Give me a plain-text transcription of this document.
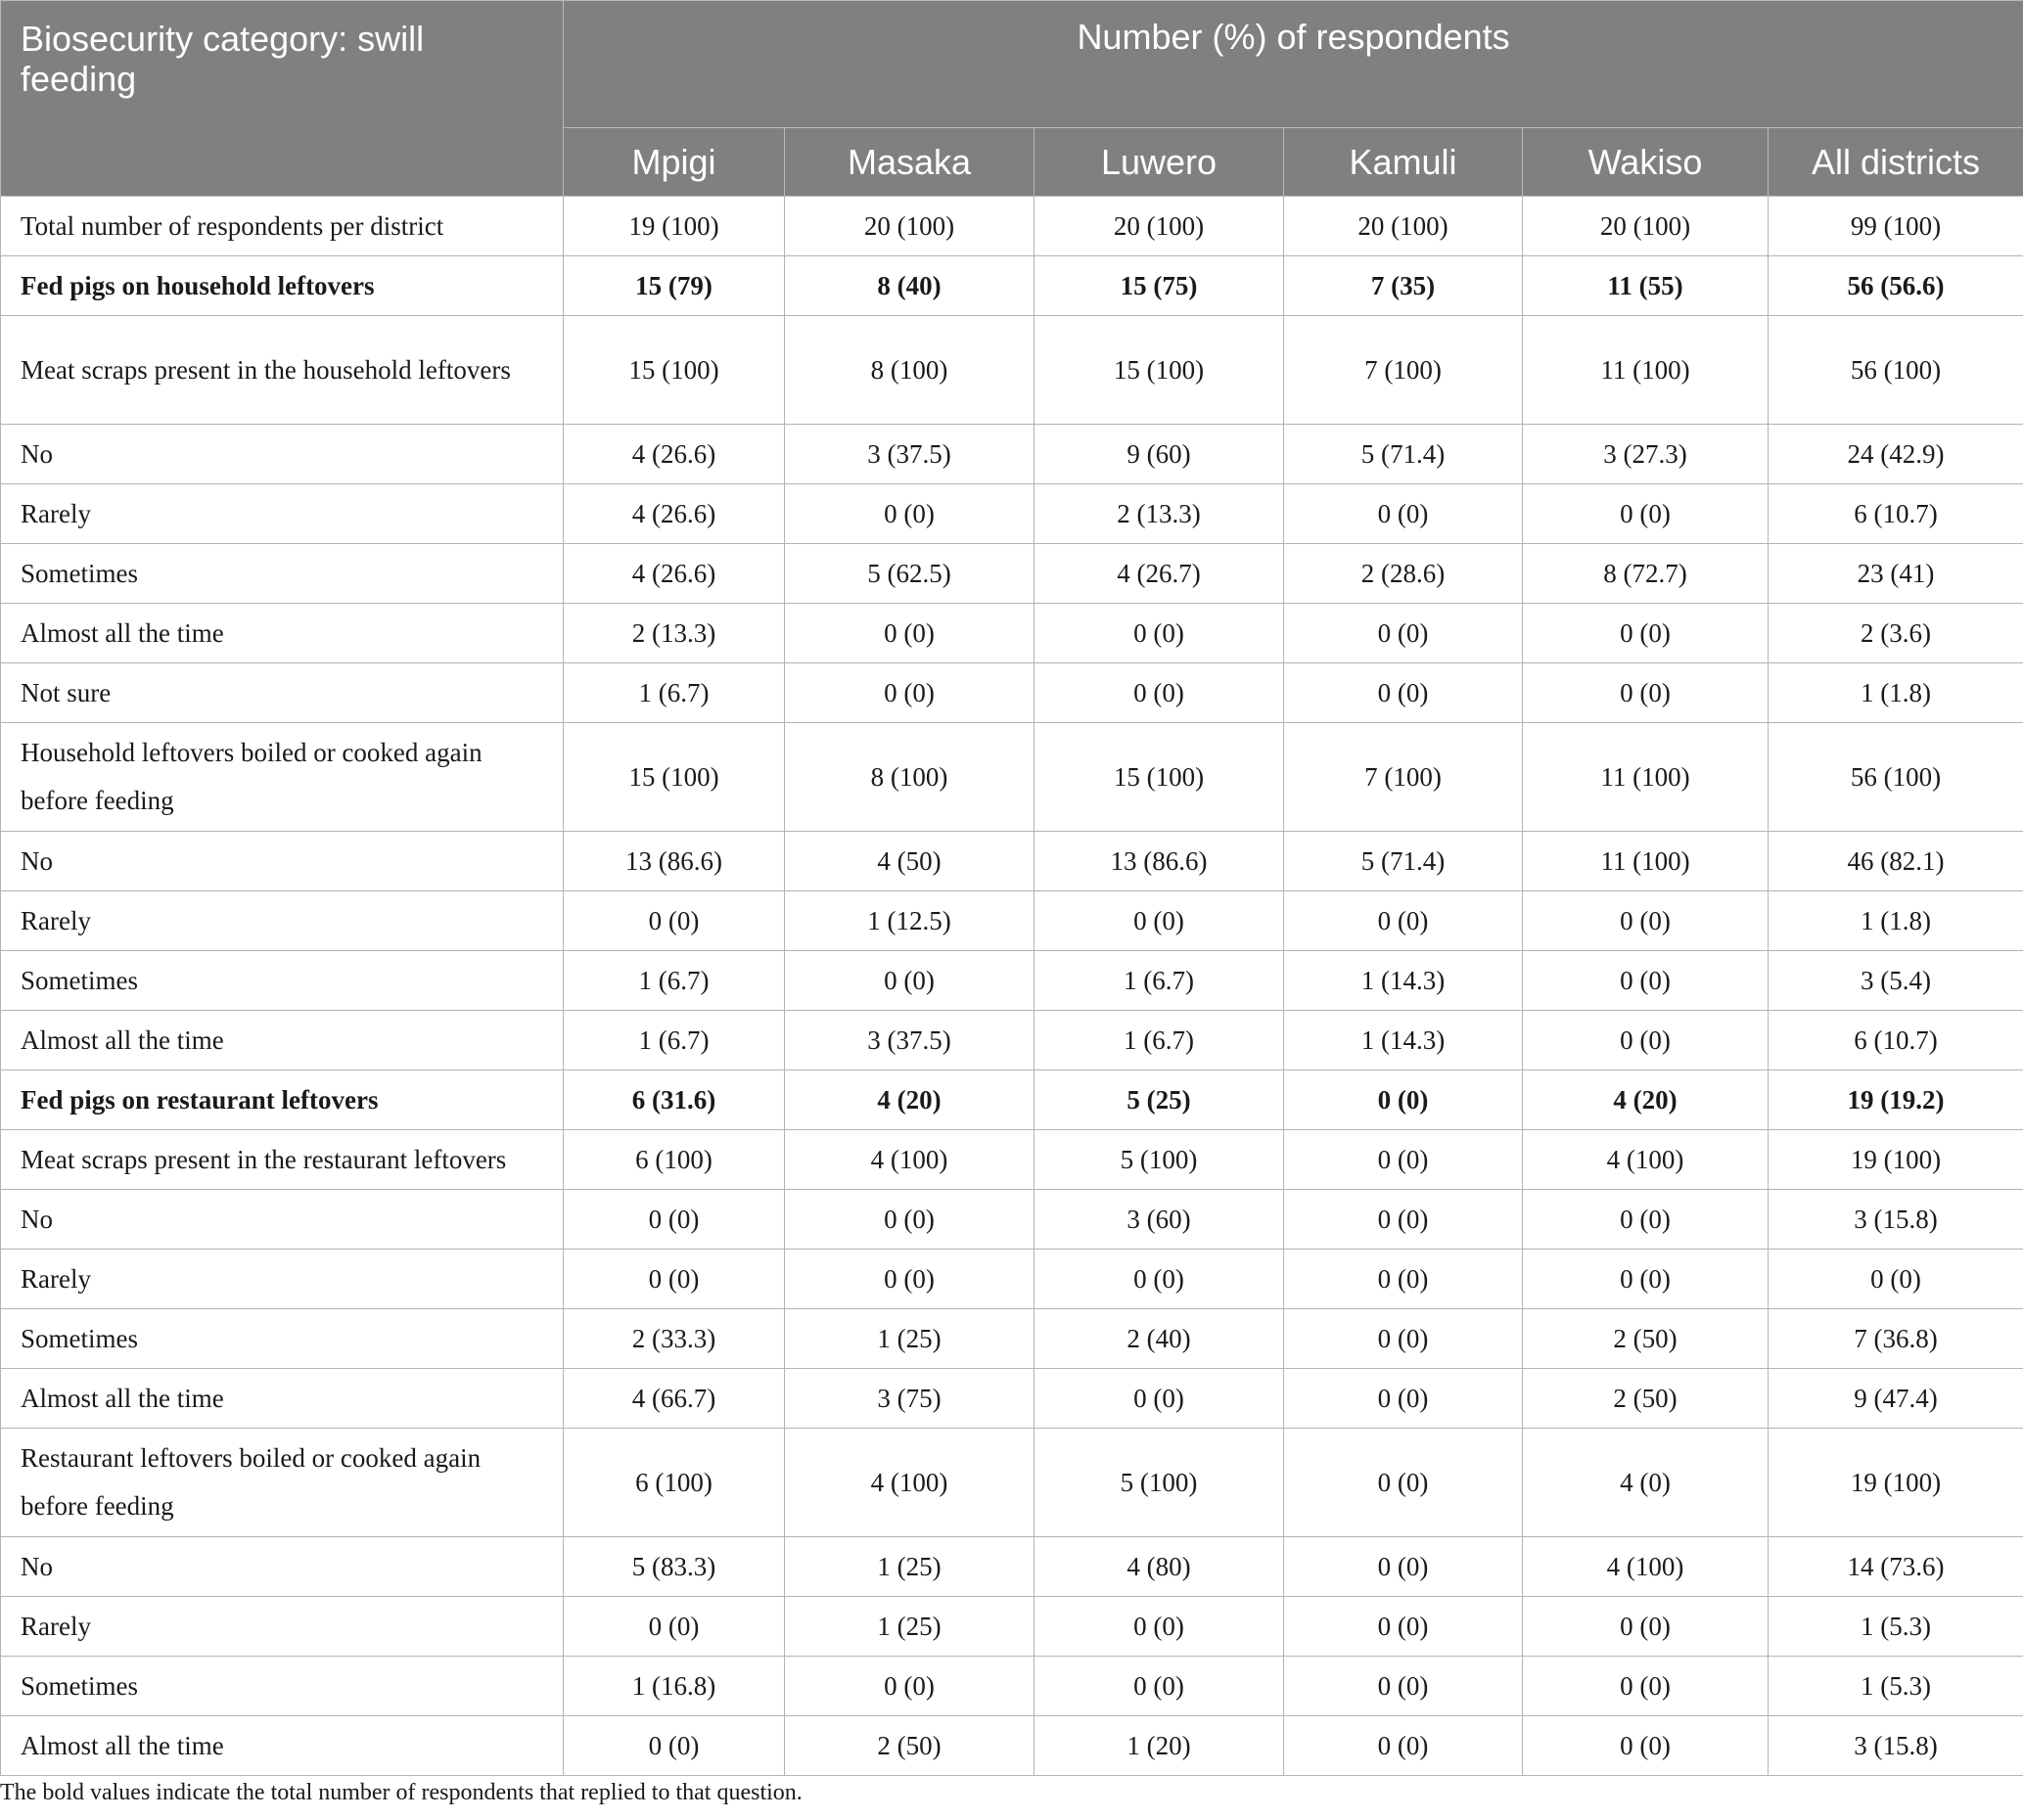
Biosecurity category: swill feeding	Number (%) of respondents					
	Mpigi	Masaka	Luwero	Kamuli	Wakiso	All districts
Total number of respondents per district	19 (100)	20 (100)	20 (100)	20 (100)	20 (100)	99 (100)
Fed pigs on household leftovers	15 (79)	8 (40)	15 (75)	7 (35)	11 (55)	56 (56.6)
Meat scraps present in the household leftovers	15 (100)	8 (100)	15 (100)	7 (100)	11 (100)	56 (100)
No	4 (26.6)	3 (37.5)	9 (60)	5 (71.4)	3 (27.3)	24 (42.9)
Rarely	4 (26.6)	0 (0)	2 (13.3)	0 (0)	0 (0)	6 (10.7)
Sometimes	4 (26.6)	5 (62.5)	4 (26.7)	2 (28.6)	8 (72.7)	23 (41)
Almost all the time	2 (13.3)	0 (0)	0 (0)	0 (0)	0 (0)	2 (3.6)
Not sure	1 (6.7)	0 (0)	0 (0)	0 (0)	0 (0)	1 (1.8)
Household leftovers boiled or cooked again before feeding	15 (100)	8 (100)	15 (100)	7 (100)	11 (100)	56 (100)
No	13 (86.6)	4 (50)	13 (86.6)	5 (71.4)	11 (100)	46 (82.1)
Rarely	0 (0)	1 (12.5)	0 (0)	0 (0)	0 (0)	1 (1.8)
Sometimes	1 (6.7)	0 (0)	1 (6.7)	1 (14.3)	0 (0)	3 (5.4)
Almost all the time	1 (6.7)	3 (37.5)	1 (6.7)	1 (14.3)	0 (0)	6 (10.7)
Fed pigs on restaurant leftovers	6 (31.6)	4 (20)	5 (25)	0 (0)	4 (20)	19 (19.2)
Meat scraps present in the restaurant leftovers	6 (100)	4 (100)	5 (100)	0 (0)	4 (100)	19 (100)
No	0 (0)	0 (0)	3 (60)	0 (0)	0 (0)	3 (15.8)
Rarely	0 (0)	0 (0)	0 (0)	0 (0)	0 (0)	0 (0)
Sometimes	2 (33.3)	1 (25)	2 (40)	0 (0)	2 (50)	7 (36.8)
Almost all the time	4 (66.7)	3 (75)	0 (0)	0 (0)	2 (50)	9 (47.4)
Restaurant leftovers boiled or cooked again before feeding	6 (100)	4 (100)	5 (100)	0 (0)	4 (0)	19 (100)
No	5 (83.3)	1 (25)	4 (80)	0 (0)	4 (100)	14 (73.6)
Rarely	0 (0)	1 (25)	0 (0)	0 (0)	0 (0)	1 (5.3)
Sometimes	1 (16.8)	0 (0)	0 (0)	0 (0)	0 (0)	1 (5.3)
Almost all the time	0 (0)	2 (50)	1 (20)	0 (0)	0 (0)	3 (15.8)
The bold values indicate the total number of respondents that replied to that question.
